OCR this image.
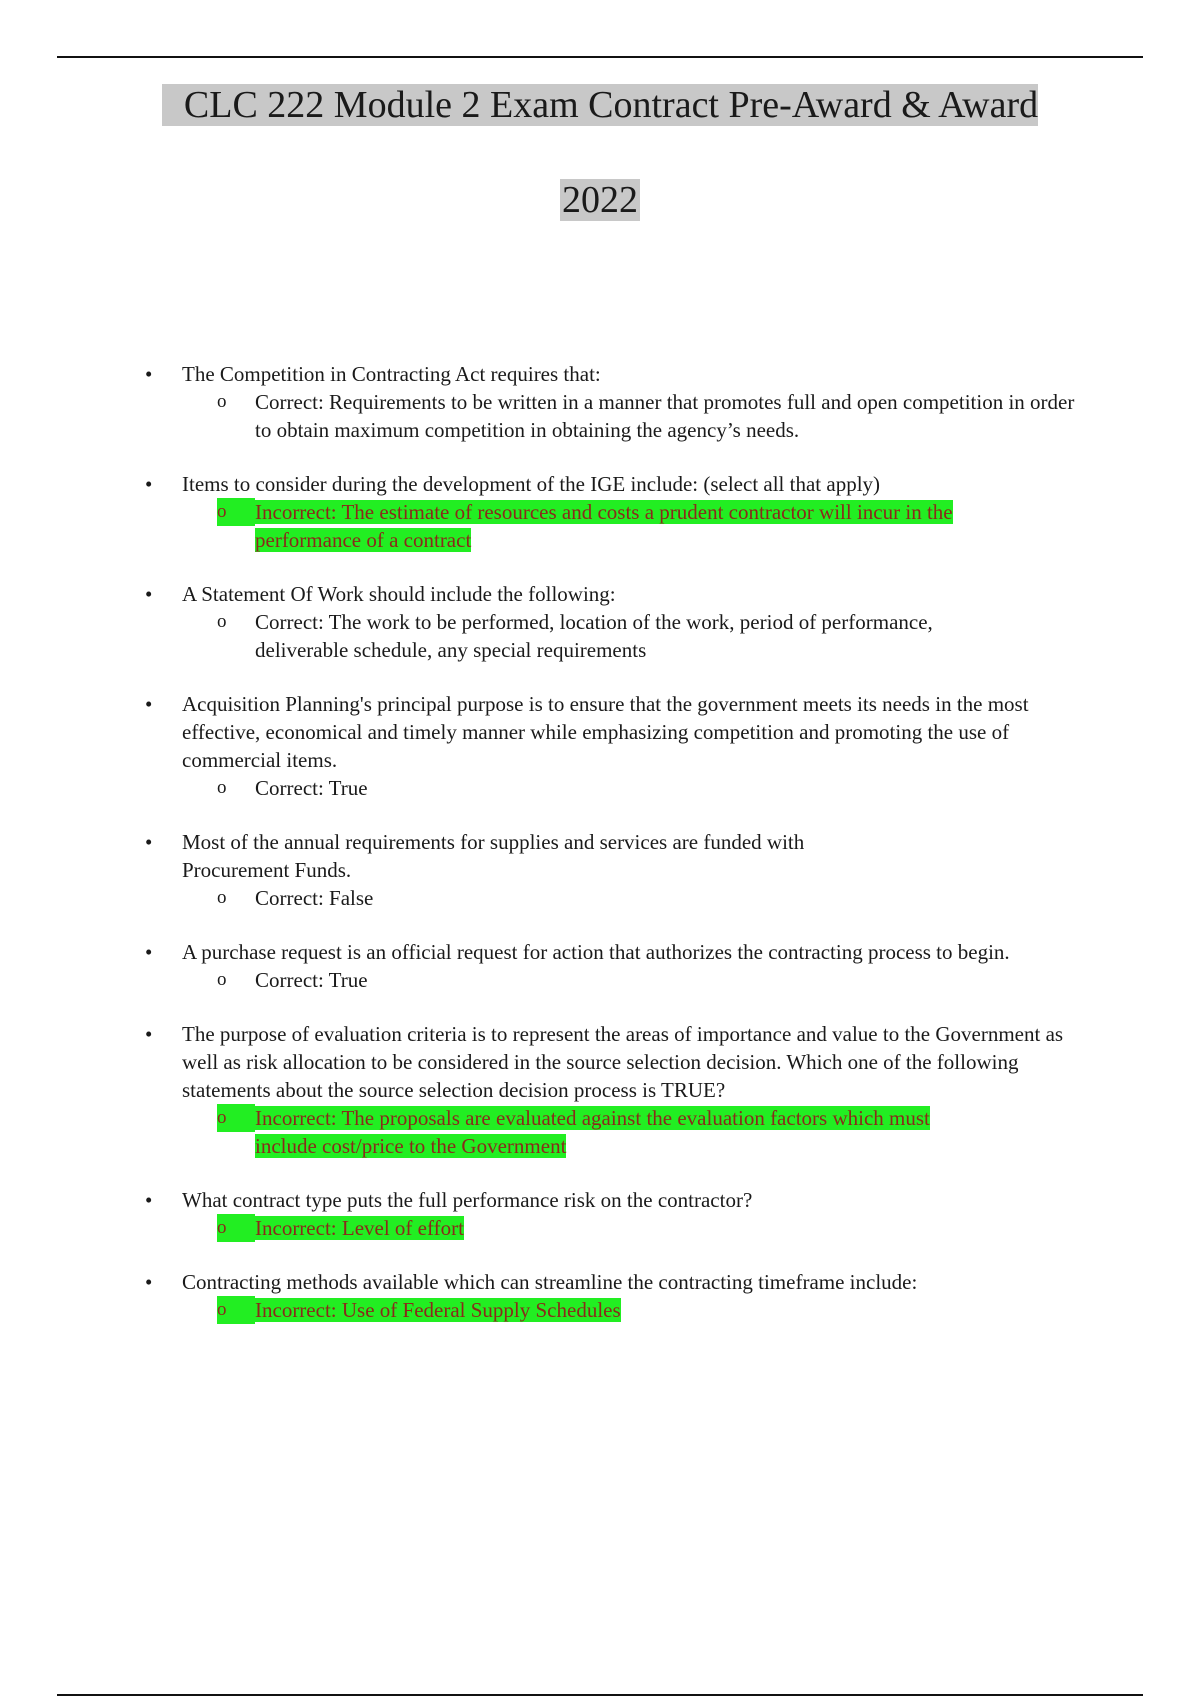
CLC 222 Module 2 Exam Contract Pre-Award & Award
2022
•	The Competition in Contracting Act requires that:
o Correct: Requirements to be written in a manner that promotes full and open competition in order to obtain maximum competition in obtaining the agency’s needs.
•	Items to consider during the development of the IGE include: (select all that apply)
o	Incorrect: The estimate of resources and costs a prudent contractor will incur in the performance of a contract
•	A Statement Of Work should include the following:
o Correct: The work to be performed, location of the work, period of performance, deliverable schedule, any special requirements
•	Acquisition Planning's principal purpose is to ensure that the government meets its needs in the most effective, economical and timely manner while emphasizing competition and promoting the use of commercial items.
o Correct: True
•	Most of the annual requirements for supplies and services are funded with Procurement Funds.
o Correct: False
•	A purchase request is an official request for action that authorizes the contracting process to begin.
o Correct: True
•	The purpose of evaluation criteria is to represent the areas of importance and value to the Government as well as risk allocation to be considered in the source selection decision. Which one of the following statements about the source selection decision process is TRUE?
o	Incorrect: The proposals are evaluated against the evaluation factors which must include cost/price to the Government
•	What contract type puts the full performance risk on the contractor?
o	Incorrect: Level of effort
•	Contracting methods available which can streamline the contracting timeframe include:
o	Incorrect: Use of Federal Supply Schedules
